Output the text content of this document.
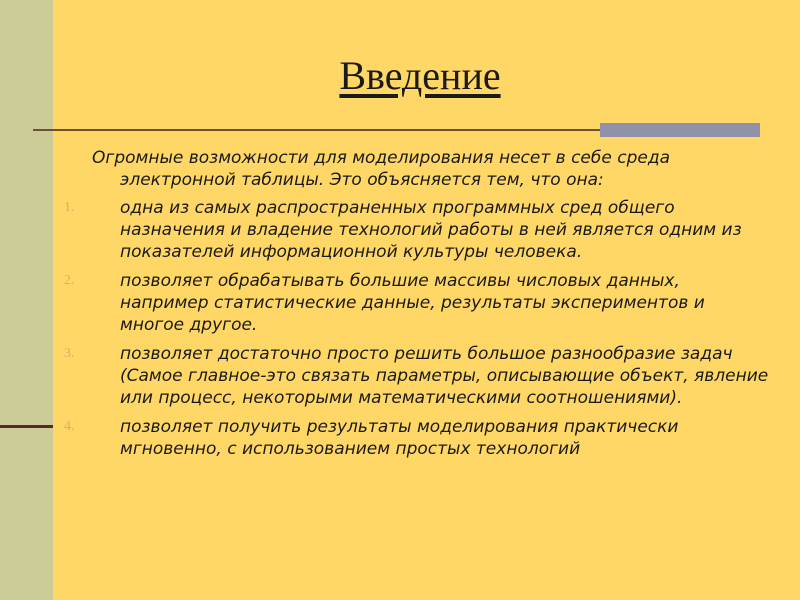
Введение

Огромные возможности для моделирования несет в себе среда электронной таблицы. Это объясняется тем, что она:

1.	одна из самых распространенных программных сред общего назначения и владение технологий работы в ней является одним из показателей информационной культуры человека.
2.	позволяет обрабатывать большие массивы числовых данных, например статистические данные, результаты экспериментов и многое другое.
3.	позволяет достаточно просто решить большое разнообразие задач (Самое главное-это связать параметры, описывающие объект, явление или процесс, некоторыми математическими соотношениями).
4.	позволяет получить результаты моделирования практически мгновенно, с использованием простых технологий
